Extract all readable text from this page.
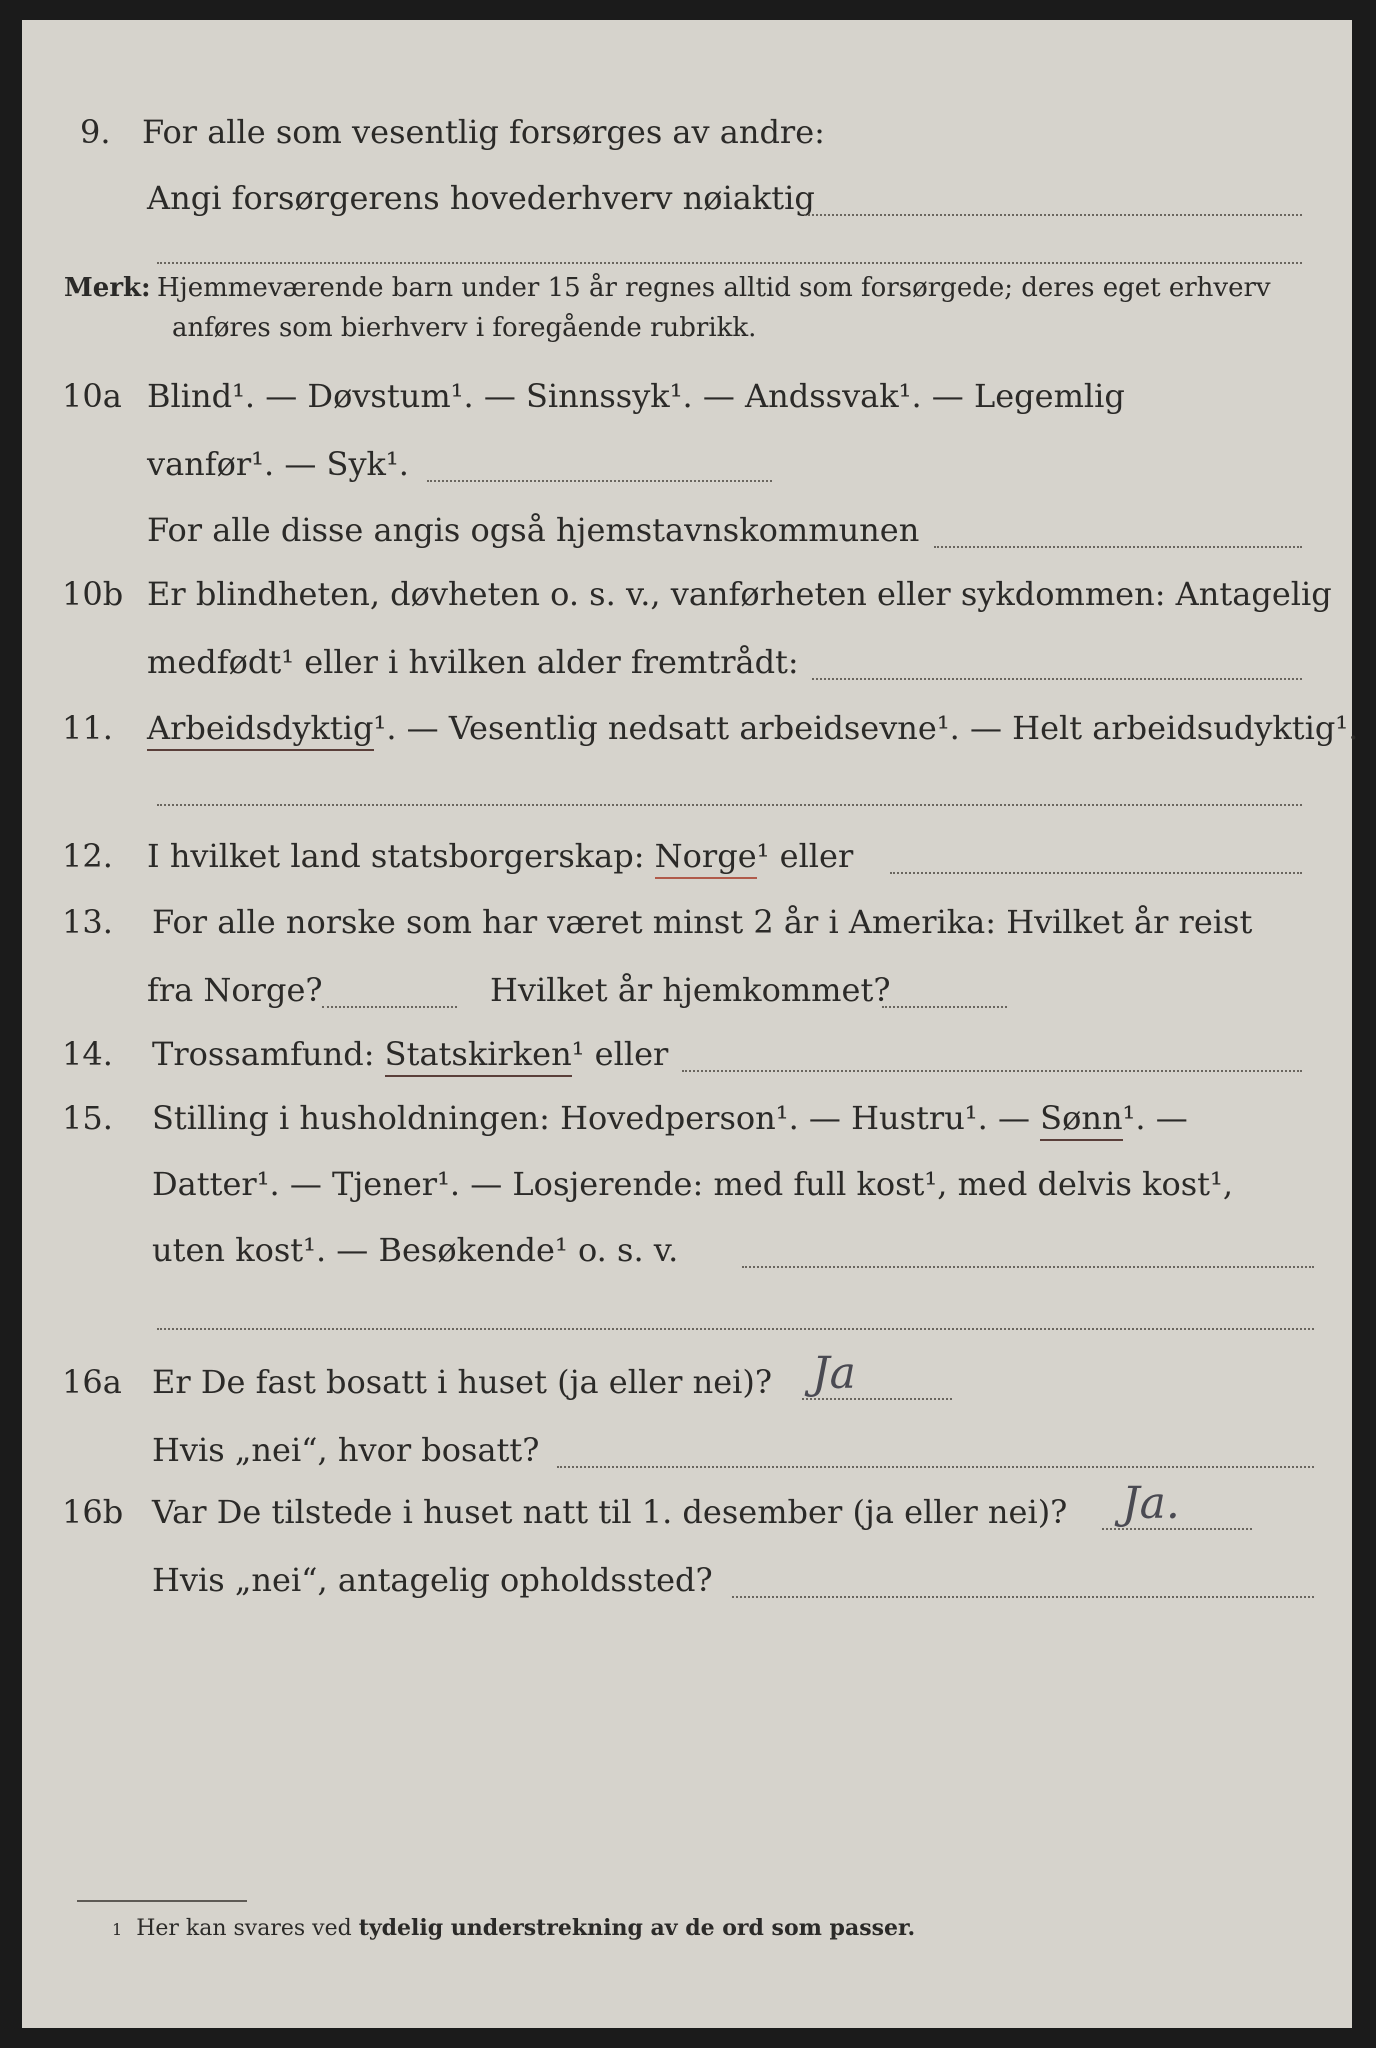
9. For alle som vesentlig forsørges av andre:
Angi forsørgerens hovederhverv nøiaktig
Merk: Hjemmeværende barn under 15 år regnes alltid som forsørgede; deres eget erhverv
anføres som bierhverv i foregående rubrikk.
10a Blind¹. — Døvstum¹. — Sinnssyk¹. — Andssvak¹. — Legemlig
vanfør¹. — Syk¹.
For alle disse angis også hjemstavnskommunen
10b Er blindheten, døvheten o. s. v., vanførheten eller sykdommen: Antagelig
medfødt¹ eller i hvilken alder fremtrådt:
11. Arbeidsdyktig¹. — Vesentlig nedsatt arbeidsevne¹. — Helt arbeidsudyktig¹.
12. I hvilket land statsborgerskap: Norge¹ eller
13. For alle norske som har været minst 2 år i Amerika: Hvilket år reist
fra Norge?	Hvilket år hjemkommet?
14. Trossamfund: Statskirken¹ eller
15. Stilling i husholdningen: Hovedperson¹. — Hustru¹. — Sønn¹. —
Datter¹. — Tjener¹. — Losjerende: med full kost¹, med delvis kost¹,
uten kost¹. — Besøkende¹ o. s. v.
16a Er De fast bosatt i huset (ja eller nei)? Ja
Hvis „nei“, hvor bosatt?
16b Var De tilstede i huset natt til 1. desember (ja eller nei)? Ja.
Hvis „nei“, antagelig opholdssted?
1 Her kan svares ved tydelig understrekning av de ord som passer.
